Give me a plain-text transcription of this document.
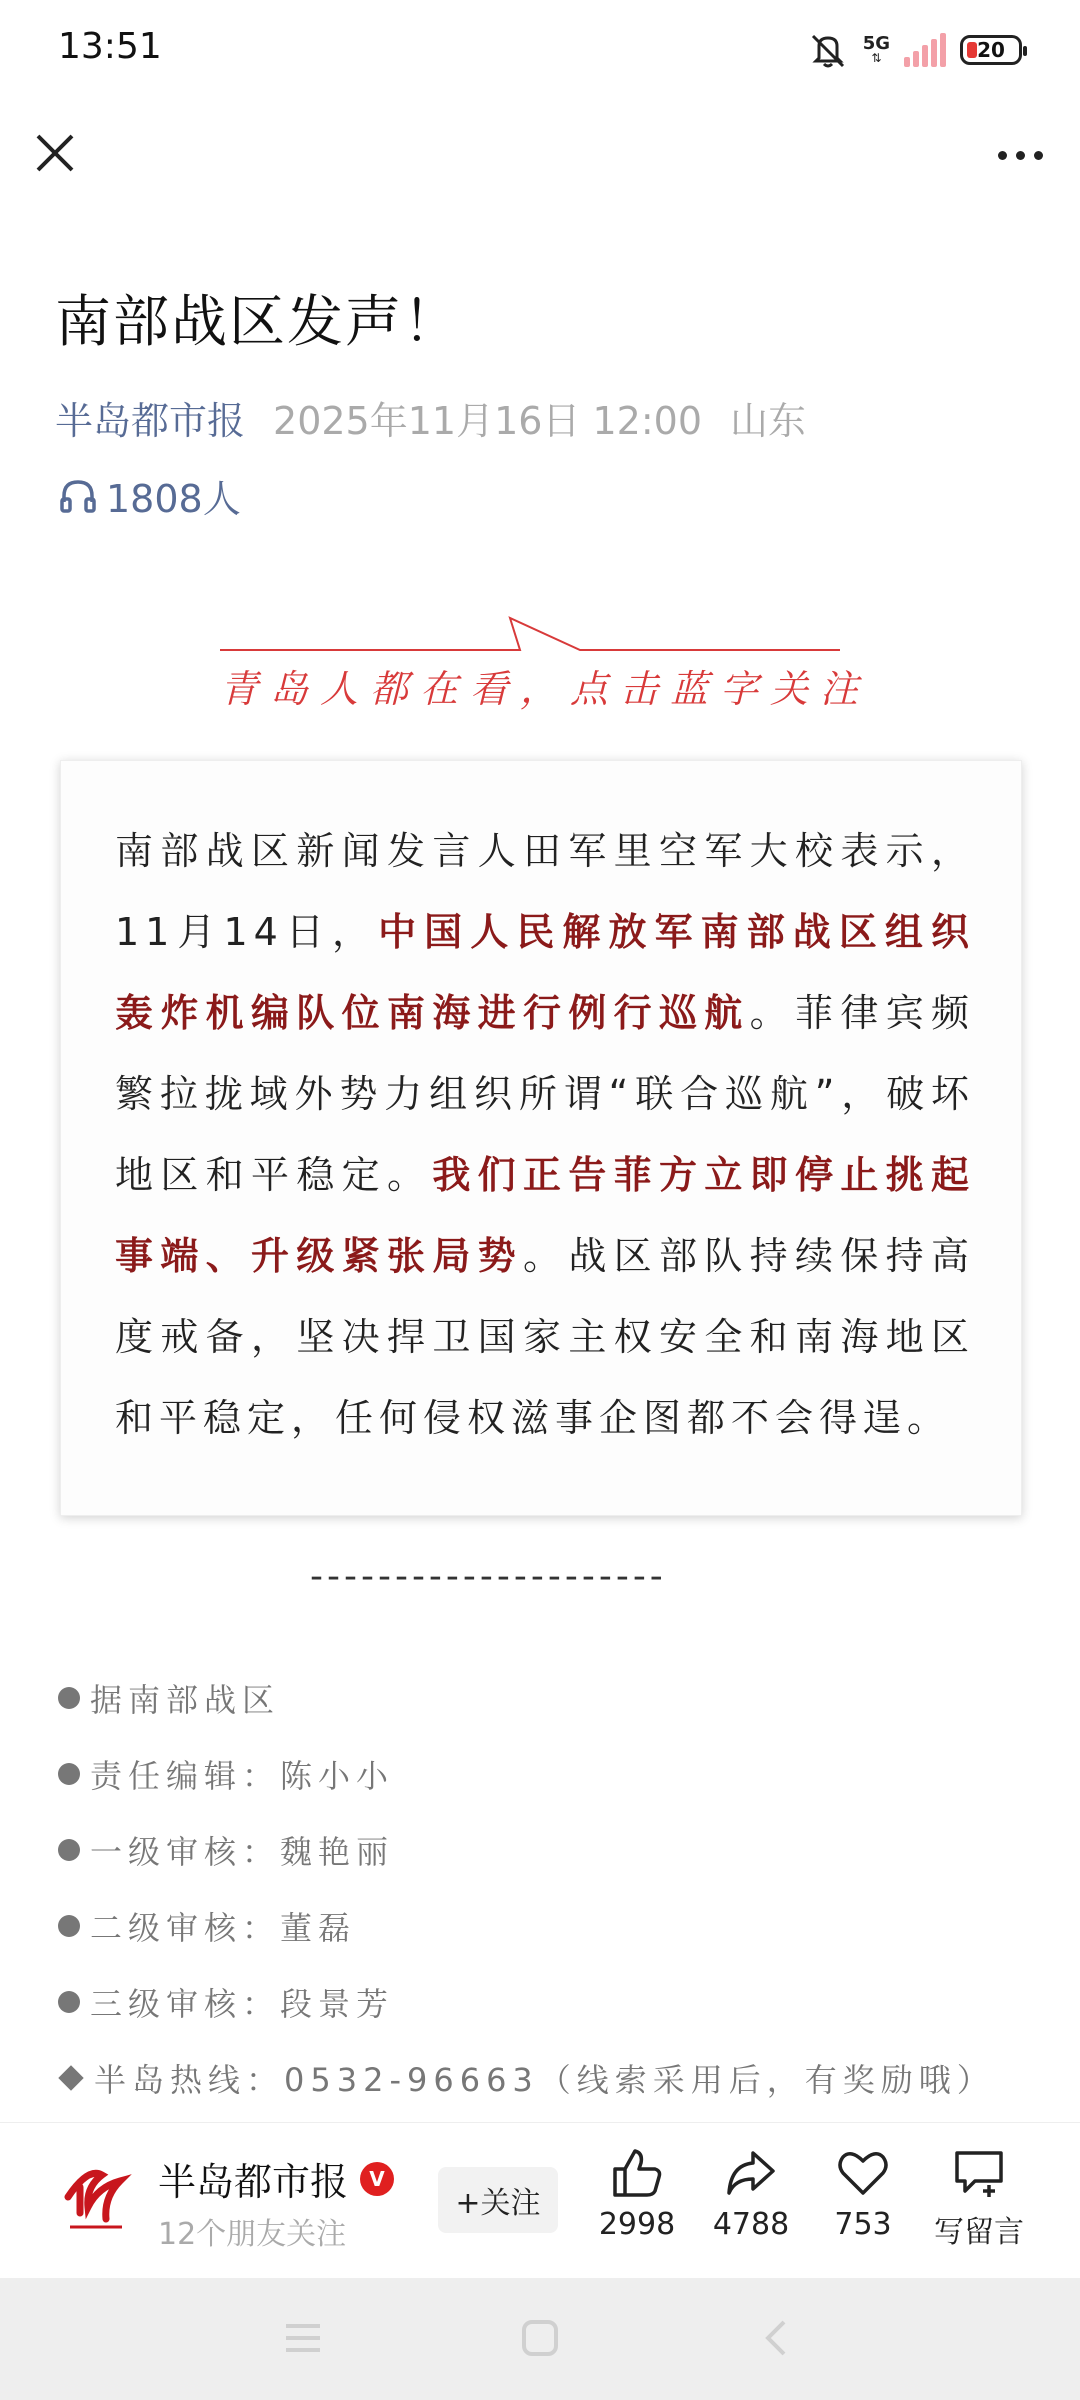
13:51	5G
⇅	20
南部战区发声！
半岛都市报 2025年11月16日 12:00 山东
1808人
青岛人都在看，点击蓝字关注

南部战区新闻发言人田军里空军大校表示，11月14日，中国人民解放军南部战区组织轰炸机编队位南海进行例行巡航。菲律宾频繁拉拢域外势力组织所谓“联合巡航”，破坏地区和平稳定。我们正告菲方立即停止挑起事端、升级紧张局势。战区部队持续保持高度戒备，坚决捍卫国家主权安全和南海地区和平稳定，任何侵权滋事企图都不会得逞。

---------------------
据南部战区
责任编辑：陈小小
一级审核：魏艳丽
二级审核：董磊
三级审核：段景芳
半岛热线：0532-96663（线索采用后，有奖励哦）
半岛都市报	V
12个朋友关注
+关注
2998	4788	753	写留言
